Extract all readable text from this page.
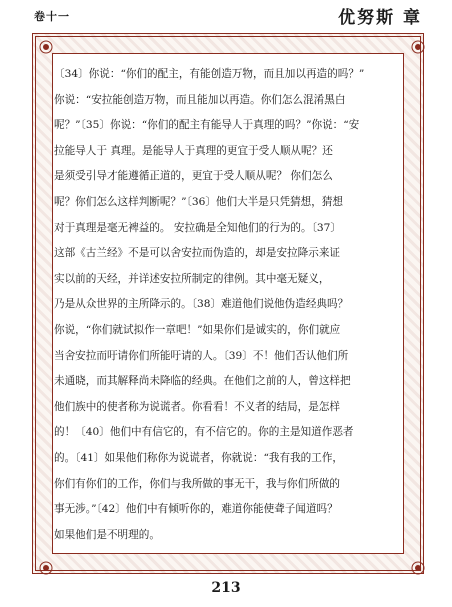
卷十一	优努斯 章
〔34〕你说：“你们的配主，有能创造万物，而且加以再造的吗？”
你说：“安拉能创造万物，而且能加以再造。你们怎么混淆黑白
呢？”〔35〕你说：“你们的配主有能导人于真理的吗？”你说：“安
拉能导人于 真理。是能导人于真理的更宜于受人顺从呢？还
是须受引导才能遵循正道的，更宜于受人顺从呢？ 你们怎么
呢？你们怎么这样判断呢？”〔36〕他们大半是只凭猜想，猜想
对于真理是毫无裨益的。 安拉确是全知他们的行为的。〔37〕
这部《古兰经》不是可以舍安拉而伪造的，却是安拉降示来证
实以前的天经，并详述安拉所制定的律例。其中毫无疑义，
乃是从众世界的主所降示的。〔38〕难道他们说他伪造经典吗？
你说，“你们就试拟作一章吧！”如果你们是诚实的，你们就应
当舍安拉而吁请你们所能吁请的人。〔39〕不！他们否认他们所
未通晓，而其解释尚未降临的经典。在他们之前的人，曾这样把
他们族中的使者称为说谎者。你看看！不义者的结局，是怎样
的！〔40〕他们中有信它的，有不信它的。你的主是知道作恶者
的。〔41〕如果他们称你为说谎者，你就说：“我有我的工作，
你们有你们的工作，你们与我所做的事无干，我与你们所做的
事无涉。”〔42〕他们中有倾听你的，难道你能使聋子闻道吗？
如果他们是不明理的。
213
